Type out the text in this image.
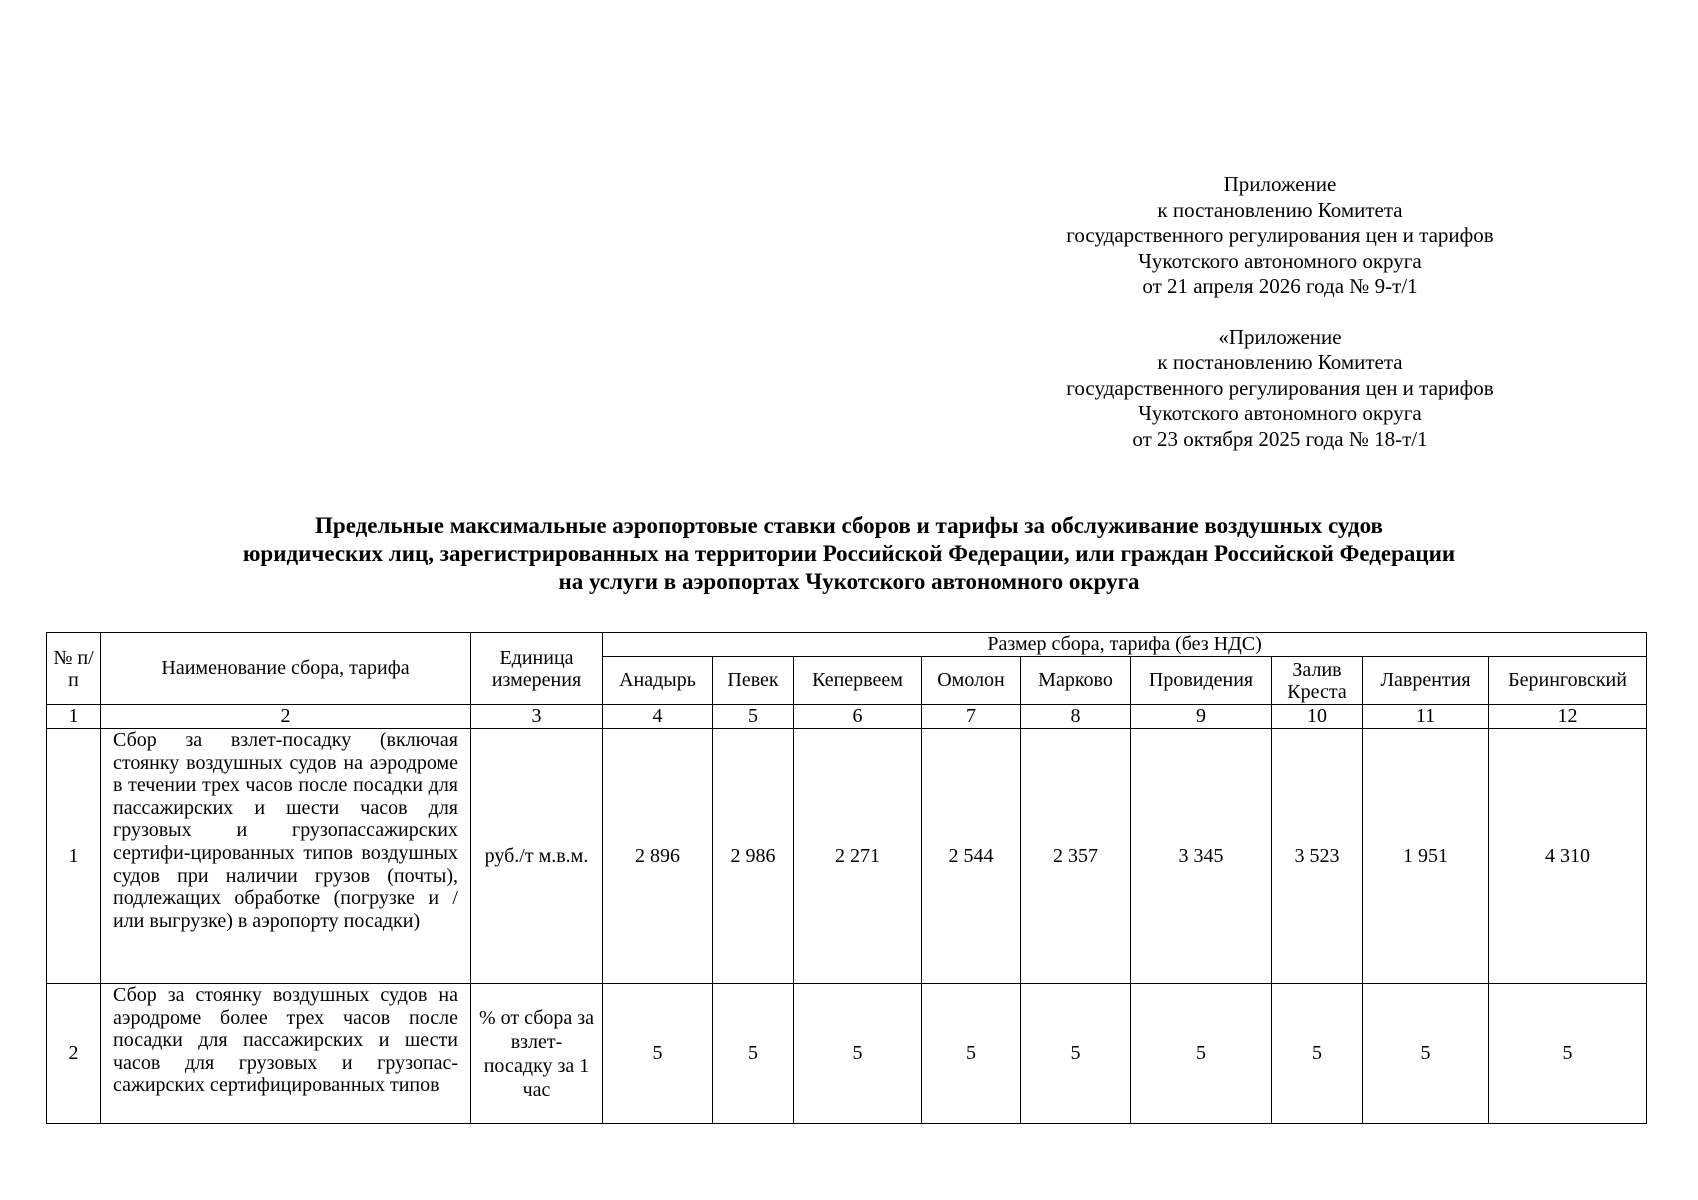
Приложение
к постановлению Комитета
государственного регулирования цен и тарифов
Чукотского автономного округа
от 21 апреля 2026 года № 9-т/1
«Приложение
к постановлению Комитета
государственного регулирования цен и тарифов
Чукотского автономного округа
от 23 октября 2025 года № 18-т/1
Предельные максимальные аэропортовые ставки сборов и тарифы за обслуживание воздушных судов
юридических лиц, зарегистрированных на территории Российской Федерации, или граждан Российской Федерации
на услуги в аэропортах Чукотского автономного округа
№ п/п	Наименование сбора, тарифа	Единица измерения	Размер сбора, тарифа (без НДС)								
			Анадырь	Певек	Кепервеем	Омолон	Марково	Провидения	Залив Креста	Лаврентия	Беринговский
1	2	3	4	5	6	7	8	9	10	11	12
1	Сбор за взлет-посадку (включая стоянку воздушных судов на аэродроме в течении трех часов после посадки для пассажирских и шести часов для грузовых и грузопассажирских сертифи-цированных типов воздушных судов при наличии грузов (почты), подлежащих обработке (погрузке и / или выгрузке) в аэропорту посадки)	руб./т м.в.м.	2 896	2 986	2 271	2 544	2 357	3 345	3 523	1 951	4 310
2	Сбор за стоянку воздушных судов на аэродроме более трех часов после посадки для пассажирских и шести часов для грузовых и грузопас-сажирских сертифицированных типов	% от сбора за взлет-посадку за 1 час	5	5	5	5	5	5	5	5	5
